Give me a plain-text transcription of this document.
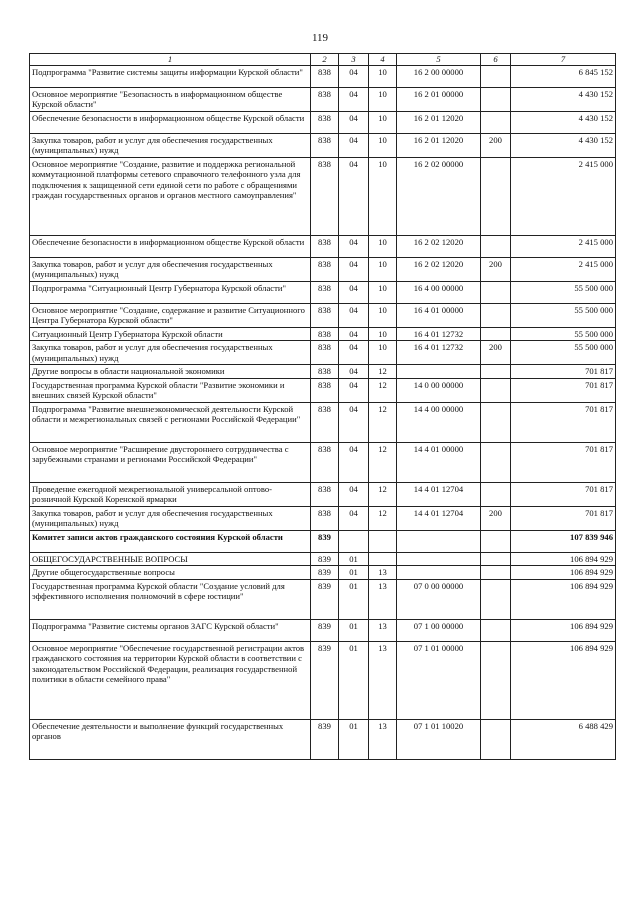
119
1	2	3	4	5	6	7
Подпрограмма "Развитие системы защиты информации Курской области"	838	04	10	16 2 00 00000		6 845 152
Основное мероприятие "Безопасность в информационном обществе Курской области"	838	04	10	16 2 01 00000		4 430 152
Обеспечение безопасности в информационном обществе Курской области	838	04	10	16 2 01 12020		4 430 152
Закупка товаров, работ и услуг для обеспечения государственных (муниципальных) нужд	838	04	10	16 2 01 12020	200	4 430 152
Основное мероприятие "Создание, развитие и поддержка региональной коммутационной платформы сетевого справочного телефонного узла для подключения к защищенной сети единой сети по работе с обращениями граждан государственных органов и органов местного самоуправления"	838	04	10	16 2 02 00000		2 415 000
Обеспечение безопасности в информационном обществе Курской области	838	04	10	16 2 02 12020		2 415 000
Закупка товаров, работ и услуг для обеспечения государственных (муниципальных) нужд	838	04	10	16 2 02 12020	200	2 415 000
Подпрограмма "Ситуационный Центр Губернатора Курской области"	838	04	10	16 4 00 00000		55 500 000
Основное мероприятие "Создание, содержание и развитие Ситуационного Центра Губернатора Курской области"	838	04	10	16 4 01 00000		55 500 000
Ситуационный Центр Губернатора Курской области	838	04	10	16 4 01 12732		55 500 000
Закупка товаров, работ и услуг для обеспечения государственных (муниципальных) нужд	838	04	10	16 4 01 12732	200	55 500 000
Другие вопросы в области национальной экономики	838	04	12			701 817
Государственная программа Курской области "Развитие экономики и внешних связей Курской области"	838	04	12	14 0 00 00000		701 817
Подпрограмма "Развитие внешнеэкономической деятельности Курской области и межрегиональных связей с регионами Российской Федерации"	838	04	12	14 4 00 00000		701 817
Основное мероприятие "Расширение двустороннего сотрудничества с зарубежными странами и регионами Российской Федерации"	838	04	12	14 4 01 00000		701 817
Проведение ежегодной межрегиональной универсальной оптово-розничной Курской Коренской ярмарки	838	04	12	14 4 01 12704		701 817
Закупка товаров, работ и услуг для обеспечения государственных (муниципальных) нужд	838	04	12	14 4 01 12704	200	701 817
Комитет записи актов гражданского состояния Курской области	839					107 839 946
ОБЩЕГОСУДАРСТВЕННЫЕ ВОПРОСЫ	839	01				106 894 929
Другие общегосударственные вопросы	839	01	13			106 894 929
Государственная программа Курской области "Создание условий для эффективного исполнения полномочий в сфере юстиции"	839	01	13	07 0 00 00000		106 894 929
Подпрограмма "Развитие системы органов ЗАГС Курской области"	839	01	13	07 1 00 00000		106 894 929
Основное мероприятие "Обеспечение государственной регистрации актов гражданского состояния на территории Курской области в соответствии с законодательством Российской Федерации, реализация государственной политики в области семейного права"	839	01	13	07 1 01 00000		106 894 929
Обеспечение деятельности и выполнение функций государственных органов	839	01	13	07 1 01 10020		6 488 429
